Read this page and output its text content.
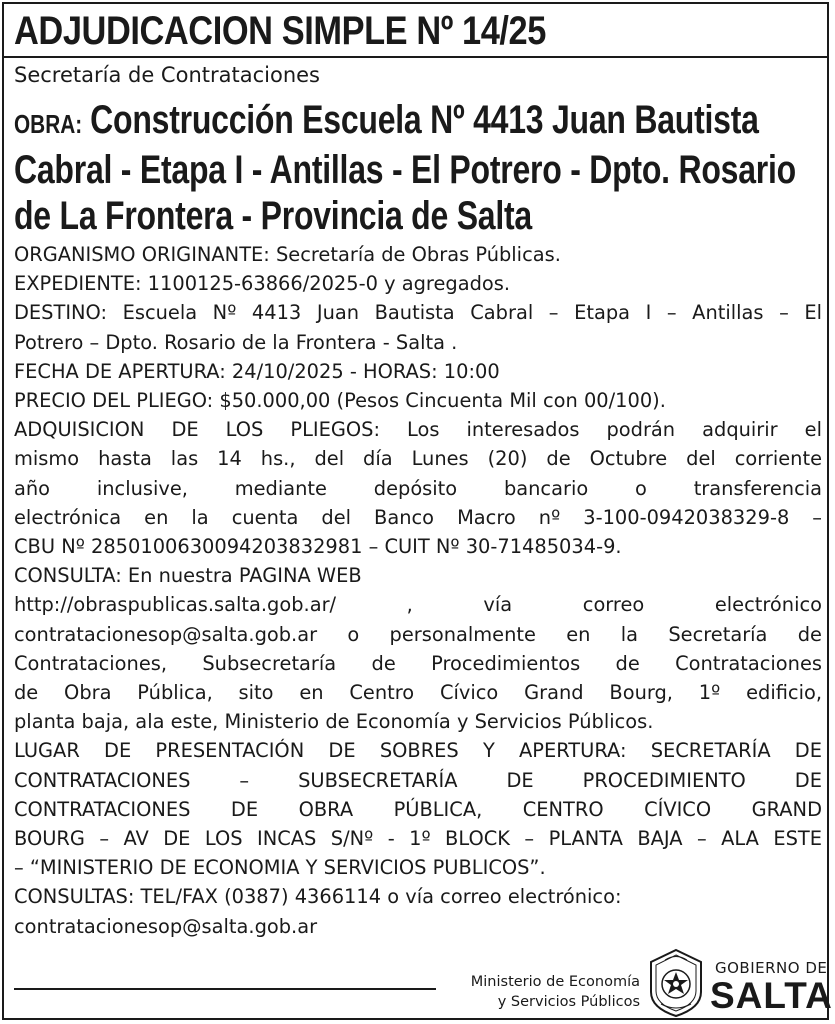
ADJUDICACION SIMPLE Nº 14/25
Secretaría de Contrataciones
OBRA: Construcción Escuela Nº 4413 Juan Bautista
Cabral - Etapa I - Antillas - El Potrero - Dpto. Rosario
de La Frontera - Provincia de Salta
ORGANISMO ORIGINANTE: Secretaría de Obras Públicas.
EXPEDIENTE: 1100125-63866/2025-0 y agregados.
DESTINO: Escuela Nº 4413 Juan Bautista Cabral – Etapa I – Antillas – El
Potrero – Dpto. Rosario de la Frontera - Salta .
FECHA DE APERTURA: 24/10/2025 - HORAS: 10:00
PRECIO DEL PLIEGO: $50.000,00 (Pesos Cincuenta Mil con 00/100).
ADQUISICION DE LOS PLIEGOS: Los interesados podrán adquirir el
mismo hasta las 14 hs., del día Lunes (20) de Octubre del corriente
año inclusive, mediante depósito bancario o transferencia
electrónica en la cuenta del Banco Macro nº 3-100-0942038329-8 –
CBU Nº 2850100630094203832981 – CUIT Nº 30-71485034-9.
CONSULTA: En nuestra PAGINA WEB
http://obraspublicas.salta.gob.ar/ , vía correo electrónico
contratacionesop@salta.gob.ar o personalmente en la Secretaría de
Contrataciones, Subsecretaría de Procedimientos de Contrataciones
de Obra Pública, sito en Centro Cívico Grand Bourg, 1º edificio,
planta baja, ala este, Ministerio de Economía y Servicios Públicos.
LUGAR DE PRESENTACIÓN DE SOBRES Y APERTURA: SECRETARÍA DE
CONTRATACIONES – SUBSECRETARÍA DE PROCEDIMIENTO DE
CONTRATACIONES DE OBRA PÚBLICA, CENTRO CÍVICO GRAND
BOURG – AV DE LOS INCAS S/Nº - 1º BLOCK – PLANTA BAJA – ALA ESTE
– “MINISTERIO DE ECONOMIA Y SERVICIOS PUBLICOS”.
CONSULTAS: TEL/FAX (0387) 4366114 o vía correo electrónico:
contratacionesop@salta.gob.ar
Ministerio de Economía
y Servicios Públicos
GOBIERNO DE
SALTA
